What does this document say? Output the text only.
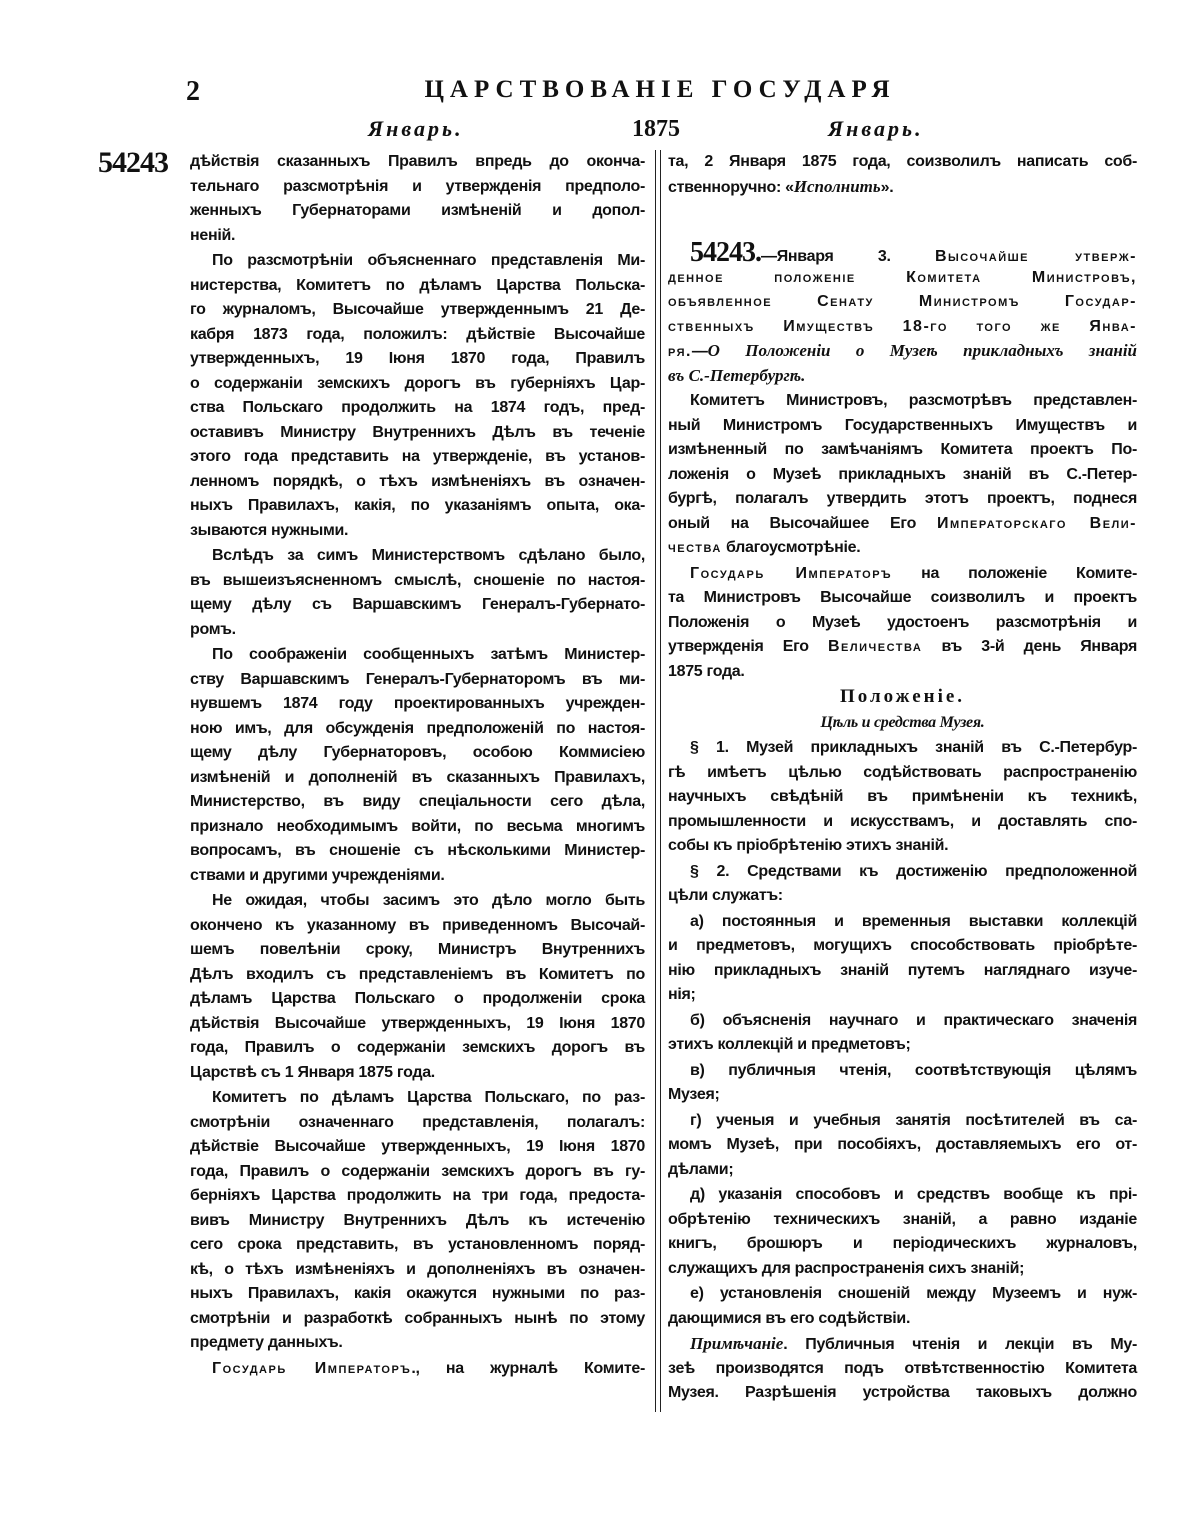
2	ЦАРСТВОВАНІЕ ГОСУДАРЯ
Январь.	1875	Январь.
54243 дѣйствія сказанныхъ Правилъ впредь до оконча-
тельнаго разсмотрѣнія и утвержденія предполо-
женныхъ Губернаторами измѣненій и допол-
неній.
По разсмотрѣніи объясненнаго представленія Ми-
нистерства, Комитетъ по дѣламъ Царства Польска-
го журналомъ, Высочайше утвержденнымъ 21 Де-
кабря 1873 года, положилъ: дѣйствіе Высочайше
утвержденныхъ, 19 Іюня 1870 года, Правилъ
о содержаніи земскихъ дорогъ въ губерніяхъ Цар-
ства Польскаго продолжить на 1874 годъ, пред-
оставивъ Министру Внутреннихъ Дѣлъ въ теченіе
этого года представить на утвержденіе, въ установ-
ленномъ порядкѣ, о тѣхъ измѣненіяхъ въ означен-
ныхъ Правилахъ, какія, по указаніямъ опыта, ока-
зываются нужными.
Вслѣдъ за симъ Министерствомъ сдѣлано было,
въ вышеизъясненномъ смыслѣ, сношеніе по настоя-
щему дѣлу съ Варшавскимъ Генералъ-Губернато-
ромъ.
По соображеніи сообщенныхъ затѣмъ Министер-
ству Варшавскимъ Генералъ-Губернаторомъ въ ми-
нувшемъ 1874 году проектированныхъ учрежден-
ною имъ, для обсужденія предположеній по настоя-
щему дѣлу Губернаторовъ, особою Коммисіею
измѣненій и дополненій въ сказанныхъ Правилахъ,
Министерство, въ виду спеціальности сего дѣла,
признало необходимымъ войти, по весьма многимъ
вопросамъ, въ сношеніе съ нѣсколькими Министер-
ствами и другими учрежденіями.
Не ожидая, чтобы засимъ это дѣло могло быть
окончено къ указанному въ приведенномъ Высочай-
шемъ повелѣніи сроку, Министръ Внутреннихъ
Дѣлъ входилъ съ представленіемъ въ Комитетъ по
дѣламъ Царства Польскаго о продолженіи срока
дѣйствія Высочайше утвержденныхъ, 19 Іюня 1870
года, Правилъ о содержаніи земскихъ дорогъ въ
Царствѣ съ 1 Января 1875 года.
Комитетъ по дѣламъ Царства Польскаго, по раз-
смотрѣніи означеннаго представленія, полагалъ:
дѣйствіе Высочайше утвержденныхъ, 19 Іюня 1870
года, Правилъ о содержаніи земскихъ дорогъ въ гу-
берніяхъ Царства продолжить на три года, предоста-
вивъ Министру Внутреннихъ Дѣлъ къ истеченію
сего срока представить, въ установленномъ поряд-
кѣ, о тѣхъ измѣненіяхъ и дополненіяхъ въ означен-
ныхъ Правилахъ, какія окажутся нужными по раз-
смотрѣніи и разработкѣ собранныхъ нынѣ по этому
предмету данныхъ.
Государь Императоръ., на журналѣ Комите-
та, 2 Января 1875 года, соизволилъ написать соб-
ственноручно: «Исполнить».
54243.—Января 3. Высочайше утверж-
денное положеніе Комитета Министровъ,
объявленное Сенату Министромъ Государ-
ственныхъ Имуществъ 18-го того же Янва-
ря.—О Положеніи о Музеѣ прикладныхъ знаній
въ С.-Петербургѣ.
Комитетъ Министровъ, разсмотрѣвъ представлен-
ный Министромъ Государственныхъ Имуществъ и
измѣненный по замѣчаніямъ Комитета проектъ По-
ложенія о Музеѣ прикладныхъ знаній въ С.-Петер-
бургѣ, полагалъ утвердить этотъ проектъ, поднеся
оный на Высочайшее Его Императорскаго Вели-
чества благоусмотрѣніе.
Государь Императоръ на положеніе Комите-
та Министровъ Высочайше соизволилъ и проектъ
Положенія о Музеѣ удостоенъ разсмотрѣнія и
утвержденія Его Величества въ 3-й день Января
1875 года.
Положеніе.
Цѣль и средства Музея.
§ 1. Музей прикладныхъ знаній въ С.-Петербур-
гѣ имѣетъ цѣлью содѣйствовать распространенію
научныхъ свѣдѣній въ примѣненіи къ техникѣ,
промышленности и искусствамъ, и доставлять спо-
собы къ пріобрѣтенію этихъ знаній.
§ 2. Средствами къ достиженію предположенной
цѣли служатъ:
а) постоянныя и временныя выставки коллекцій
и предметовъ, могущихъ способствовать пріобрѣте-
нію прикладныхъ знаній путемъ нагляднаго изуче-
нія;
б) объясненія научнаго и практическаго значенія
этихъ коллекцій и предметовъ;
в) публичныя чтенія, соотвѣтствующія цѣлямъ
Музея;
г) ученыя и учебныя занятія посѣтителей въ са-
момъ Музеѣ, при пособіяхъ, доставляемыхъ его от-
дѣлами;
д) указанія способовъ и средствъ вообще къ прі-
обрѣтенію техническихъ знаній, а равно изданіе
книгъ, брошюръ и періодическихъ журналовъ,
служащихъ для распространенія сихъ знаній;
е) установленія сношеній между Музеемъ и нуж-
дающимися въ его содѣйствіи.
Примѣчаніе. Публичныя чтенія и лекціи въ Му-
зеѣ производятся подъ отвѣтственностію Комитета
Музея. Разрѣшенія устройства таковыхъ должно
